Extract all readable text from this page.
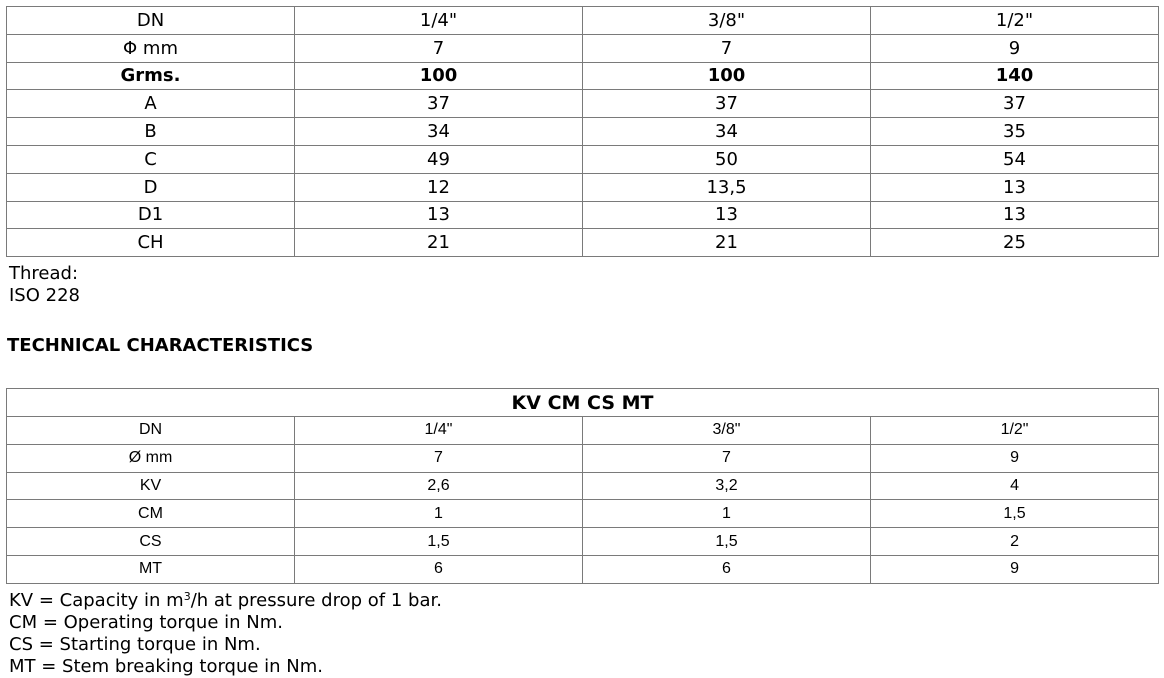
DN	1/4"	3/8"	1/2"
Φ mm	7	7	9
Grms.	100	100	140
A	37	37	37
B	34	34	35
C	49	50	54
D	12	13,5	13
D1	13	13	13
CH	21	21	25
Thread:
ISO 228
TECHNICAL CHARACTERISTICS
KV CM CS MT			
DN	1/4"	3/8"	1/2"
Ø mm	7	7	9
KV	2,6	3,2	4
CM	1	1	1,5
CS	1,5	1,5	2
MT	6	6	9
KV = Capacity in $m^3/h$ at pressure drop of 1 bar.
CM = Operating torque in Nm.
CS = Starting torque in Nm.
MT = Stem breaking torque in Nm.
